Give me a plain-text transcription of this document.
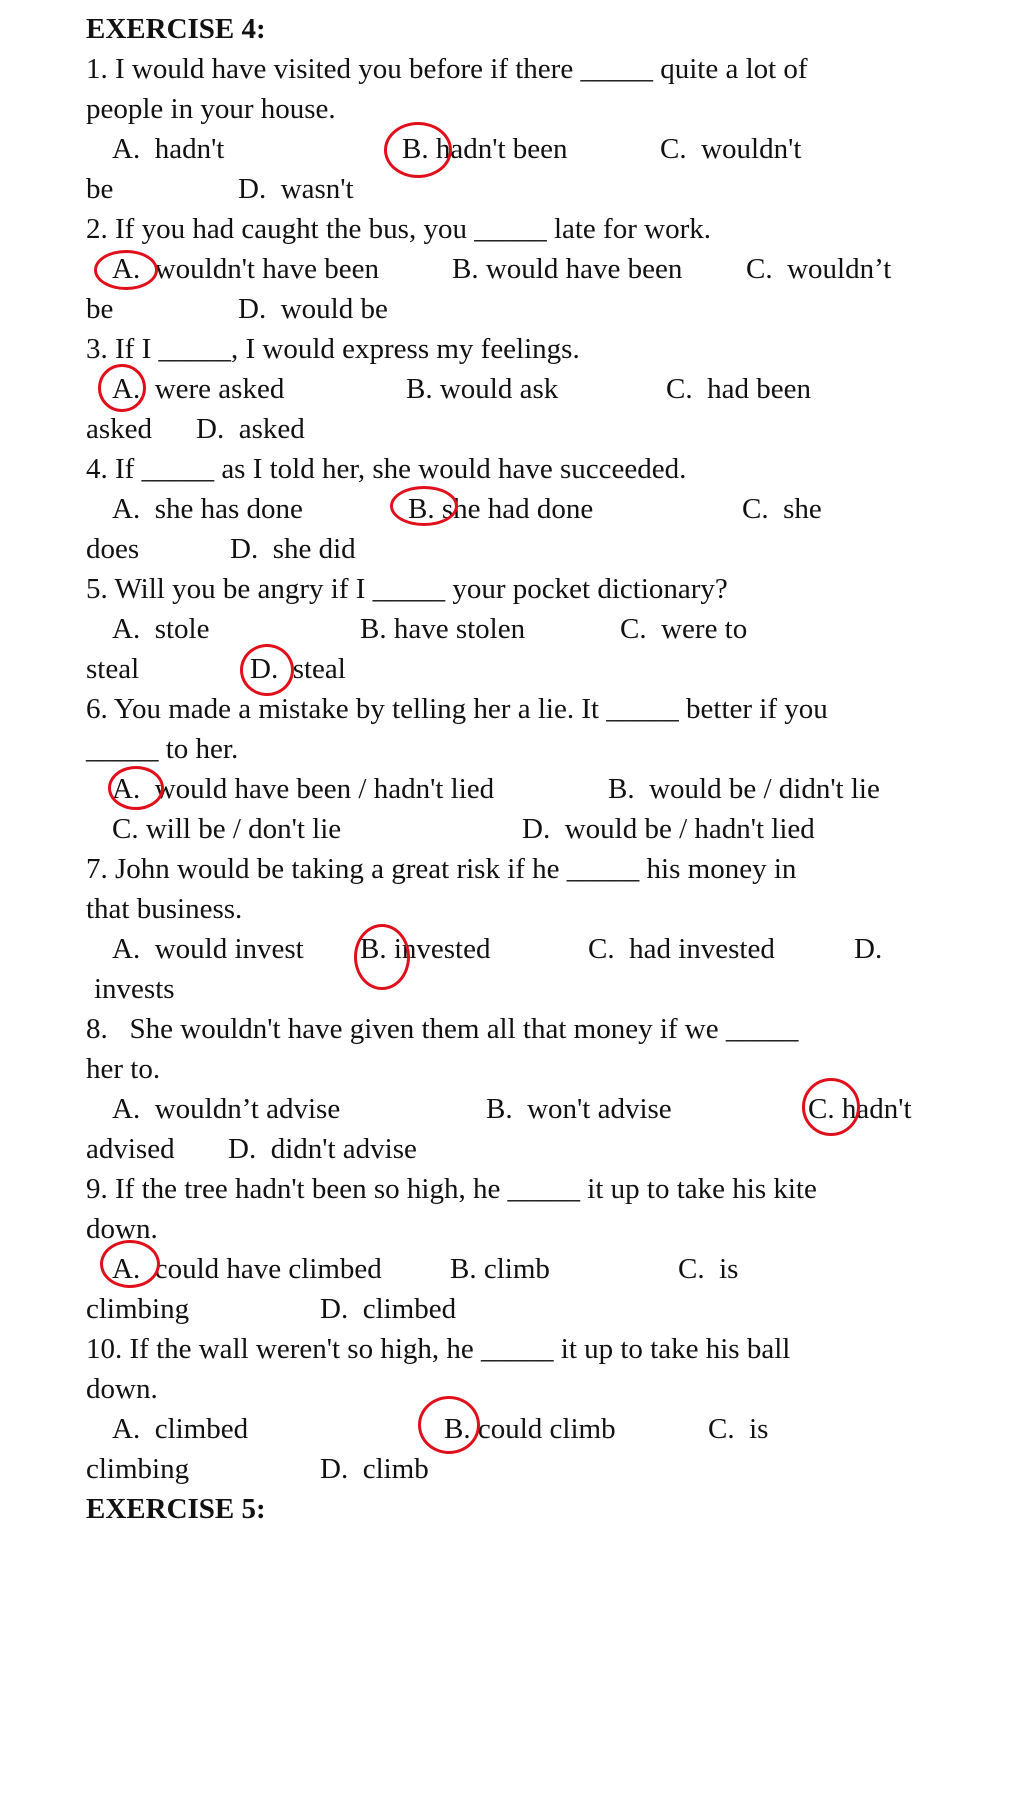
EXERCISE 4:
1. I would have visited you before if there _____ quite a lot of
people in your house.
A.  hadn't	B. hadn't been	C.  wouldn't
be	D.  wasn't
2. If you had caught the bus, you _____ late for work.
A.  wouldn't have been	B. would have been C.  wouldn’t
be	D.  would be
3. If I _____, I would express my feelings.
A.  were asked	B. would ask	C.  had been
asked D.  asked
4. If _____ as I told her, she would have succeeded.
A.  she has done	B. she had done	C.  she
does	D.  she did
5. Will you be angry if I _____ your pocket dictionary?
A.  stole	B. have stolen	C.  were to
steal	D.  steal
6. You made a mistake by telling her a lie. It _____ better if you
_____ to her.
A.  would have been / hadn't lied	B.  would be / didn't lie
C. will be / don't lie	D.  would be / hadn't lied
7. John would be taking a great risk if he _____ his money in
that business.
A.  would invest B. invested	C.  had invested	D.
invests
8.   She wouldn't have given them all that money if we _____
her to.
A.  wouldn’t advise	B.  won't advise	C. hadn't
advised D.  didn't advise
9. If the tree hadn't been so high, he _____ it up to take his kite
down.
A.  could have climbed B. climb	C.  is
climbing	D.  climbed
10. If the wall weren't so high, he _____ it up to take his ball
down.
A.  climbed	B. could climb	C.  is
climbing	D.  climb
EXERCISE 5:
